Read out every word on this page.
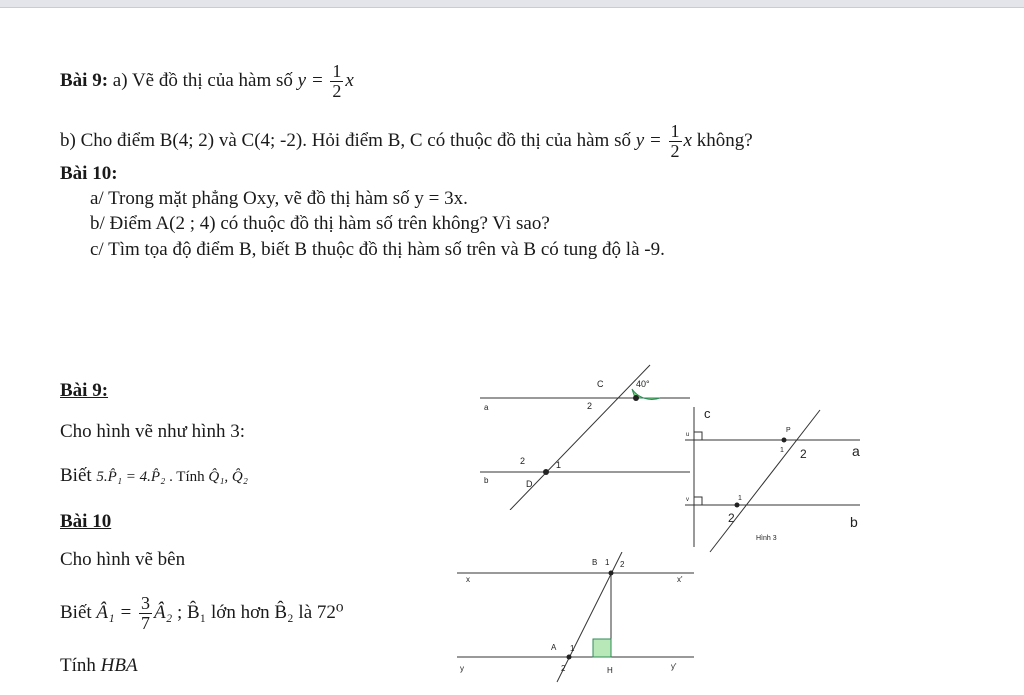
Bài 9: a) Vẽ đồ thị của hàm số $y = \frac{1}{2}$ x
b) Cho điểm B(4; 2) và C(4; -2). Hỏi điểm B, C có thuộc đồ thị của hàm số $y = \frac{1}{2}$ x không?
Bài 10:
a/ Trong mặt phẳng Oxy, vẽ đồ thị hàm số y = 3x.
b/ Điểm A(2 ; 4) có thuộc đồ thị hàm số trên không? Vì sao?
c/ Tìm tọa độ điểm B, biết B thuộc đồ thị hàm số trên và B có tung độ là -9.
Bài 9:
Cho hình vẽ như hình 3:
Biết 5.P̂₁ = 4.P̂₂ . Tính Q̂₁, Q̂₂
Bài 10
Cho hình vẽ bên
Biết Â₁ = $\frac{3}{7}$ Â₂ ; B̂₁ lớn hơn B̂₂ là 72⁰
Tính HBA
C	40°
a
b
2
2	1
D
c
a
b
P
2
1
2
1
u
v
Hình 3
B 1 2
x	x'
A 1
2
y	H	y'
